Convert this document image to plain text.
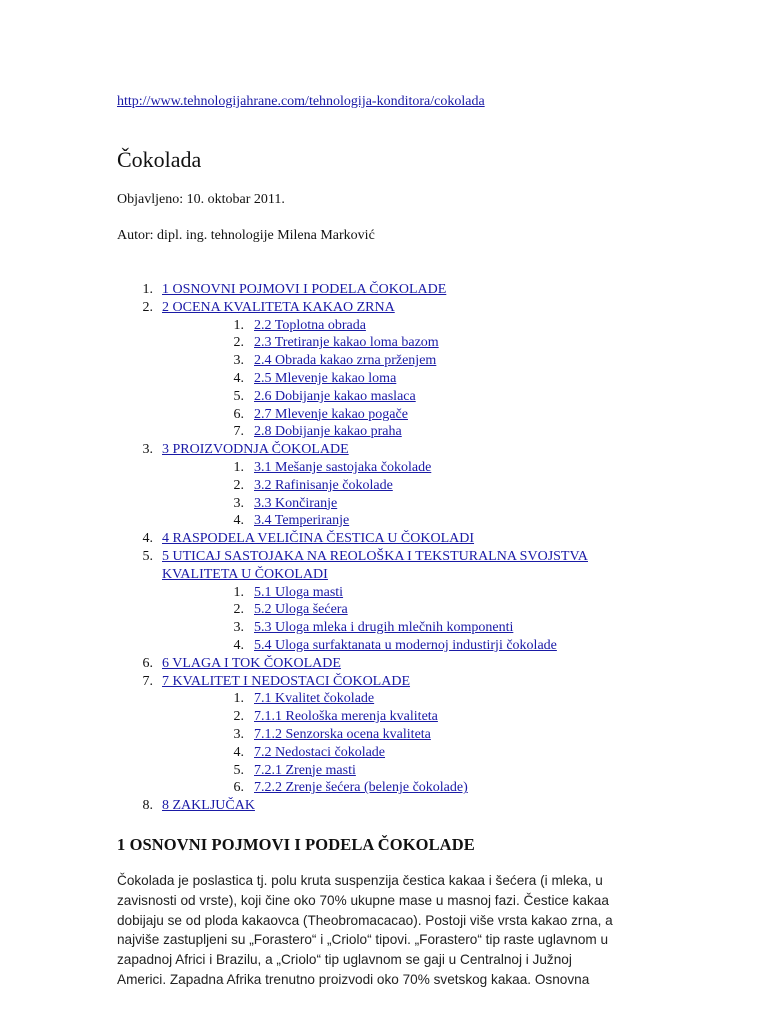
http://www.tehnologijahrane.com/tehnologija-konditora/cokolada
Čokolada

Objavljeno: 10. oktobar 2011.

Autor: dipl. ing. tehnologije Milena Marković

1. 1 OSNOVNI POJMOVI I PODELA ČOKOLADE
2. 2 OCENA KVALITETA KAKAO ZRNA
1. 2.2 Toplotna obrada
2. 2.3 Tretiranje kakao loma bazom
3. 2.4 Obrada kakao zrna prženjem
4. 2.5 Mlevenje kakao loma
5. 2.6 Dobijanje kakao maslaca
6. 2.7 Mlevenje kakao pogače
7. 2.8 Dobijanje kakao praha
3. 3 PROIZVODNJA ČOKOLADE
1. 3.1 Mešanje sastojaka čokolade
2. 3.2 Rafinisanje čokolade
3. 3.3 Končiranje
4. 3.4 Temperiranje
4. 4 RASPODELA VELIČINA ČESTICA U ČOKOLADI
5. 5 UTICAJ SASTOJAKA NA REOLOŠKA I TEKSTURALNA SVOJSTVA
KVALITETA U ČOKOLADI
1. 5.1 Uloga masti
2. 5.2 Uloga šećera
3. 5.3 Uloga mleka i drugih mlečnih komponenti
4. 5.4 Uloga surfaktanata u modernoj industirji čokolade
6. 6 VLAGA I TOK ČOKOLADE
7. 7 KVALITET I NEDOSTACI ČOKOLADE
1. 7.1 Kvalitet čokolade
2. 7.1.1 Reološka merenja kvaliteta
3. 7.1.2 Senzorska ocena kvaliteta
4. 7.2 Nedostaci čokolade
5. 7.2.1 Zrenje masti
6. 7.2.2 Zrenje šećera (belenje čokolade)
8. 8 ZAKLJUČAK
1 OSNOVNI POJMOVI I PODELA ČOKOLADE

Čokolada je poslastica tj. polu kruta suspenzija čestica kakaa i šećera (i mleka, u
zavisnosti od vrste), koji čine oko 70% ukupne mase u masnoj fazi. Čestice kakaa
dobijaju se od ploda kakaovca (Theobromacacao). Postoji više vrsta kakao zrna, a
najviše zastupljeni su „Forastero“ i „Criolo“ tipovi. „Forastero“ tip raste uglavnom u
zapadnoj Africi i Brazilu, a „Criolo“ tip uglavnom se gaji u Centralnoj i Južnoj
Americi. Zapadna Afrika trenutno proizvodi oko 70% svetskog kakaa. Osnovna
